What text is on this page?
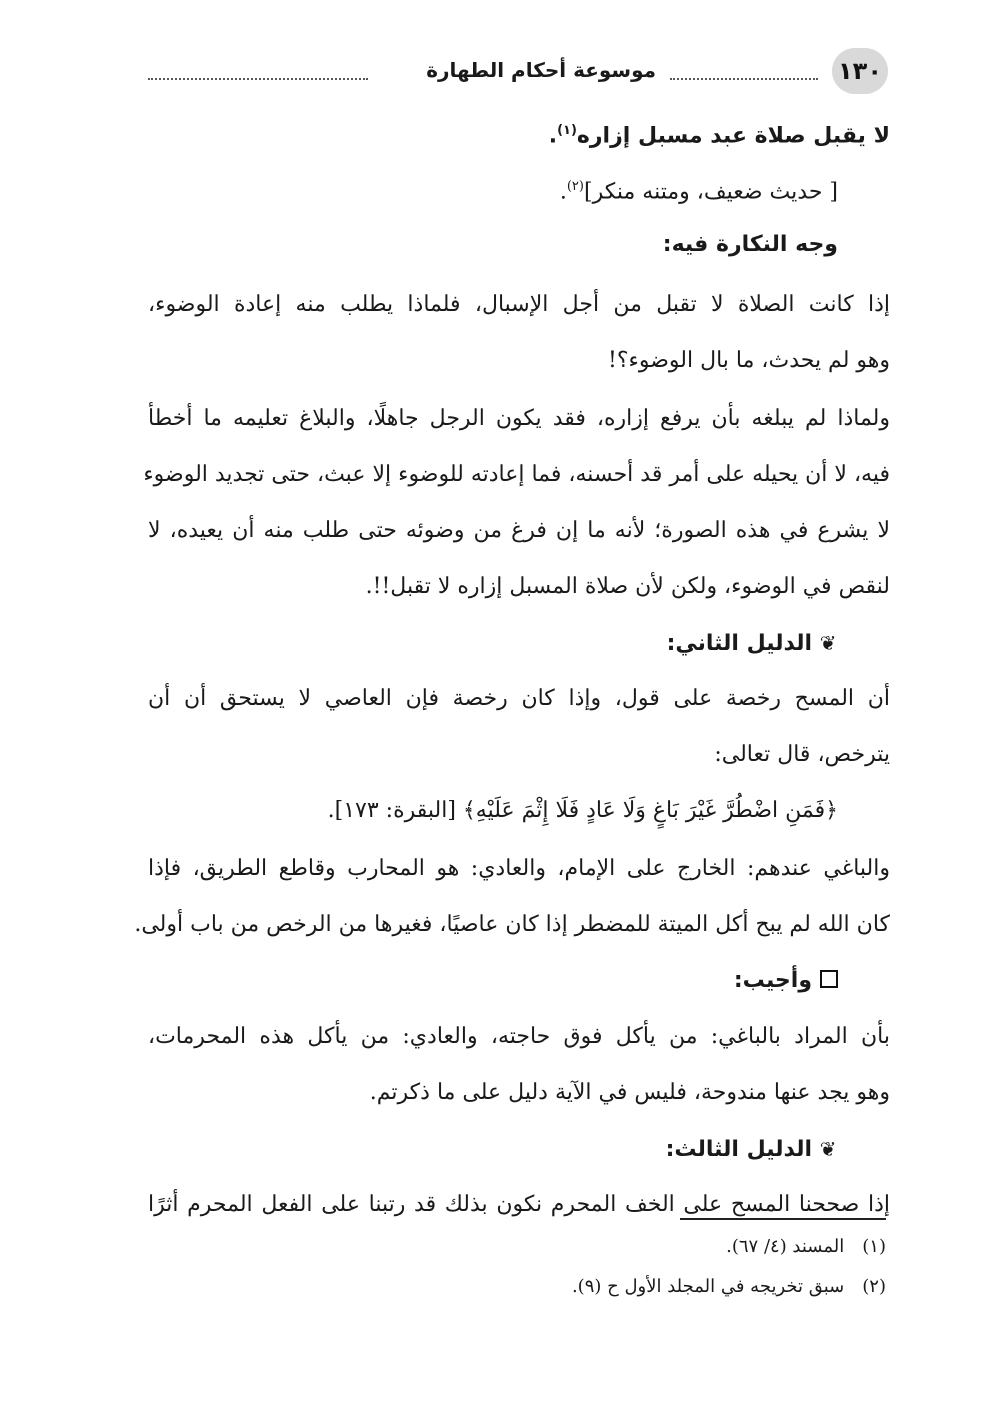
١٣٠
موسوعة أحكام الطهارة
لا يقبل صلاة عبد مسبل إزاره$^{(١)}$.
[ حديث ضعيف، ومتنه منكر]$^{(٢)}$.
وجه النكارة فيه:
إذا كانت الصلاة لا تقبل من أجل الإسبال، فلماذا يطلب منه إعادة الوضوء،
وهو لم يحدث، ما بال الوضوء؟!
ولماذا لم يبلغه بأن يرفع إزاره، فقد يكون الرجل جاهلًا، والبلاغ تعليمه ما أخطأ
فيه، لا أن يحيله على أمر قد أحسنه، فما إعادته للوضوء إلا عبث، حتى تجديد الوضوء
لا يشرع في هذه الصورة؛ لأنه ما إن فرغ من وضوئه حتى طلب منه أن يعيده، لا
لنقص في الوضوء، ولكن لأن صلاة المسبل إزاره لا تقبل!!.
❦الدليل الثاني:
أن المسح رخصة على قول، وإذا كان رخصة فإن العاصي لا يستحق أن أن
يترخص، قال تعالى:
﴿فَمَنِ اضْطُرَّ غَيْرَ بَاغٍ وَلَا عَادٍ فَلَا إِثْمَ عَلَيْهِ﴾ [البقرة: ١٧٣].
والباغي عندهم: الخارج على الإمام، والعادي: هو المحارب وقاطع الطريق، فإذا
كان الله لم يبح أكل الميتة للمضطر إذا كان عاصيًا، فغيرها من الرخص من باب أولى.
وأجيب:
بأن المراد بالباغي: من يأكل فوق حاجته، والعادي: من يأكل هذه المحرمات،
وهو يجد عنها مندوحة، فليس في الآية دليل على ما ذكرتم.
❦الدليل الثالث:
إذا صححنا المسح على الخف المحرم نكون بذلك قد رتبنا على الفعل المحرم أثرًا
(١)المسند (٤/ ٦٧).
(٢)سبق تخريجه في المجلد الأول ح (٩).
